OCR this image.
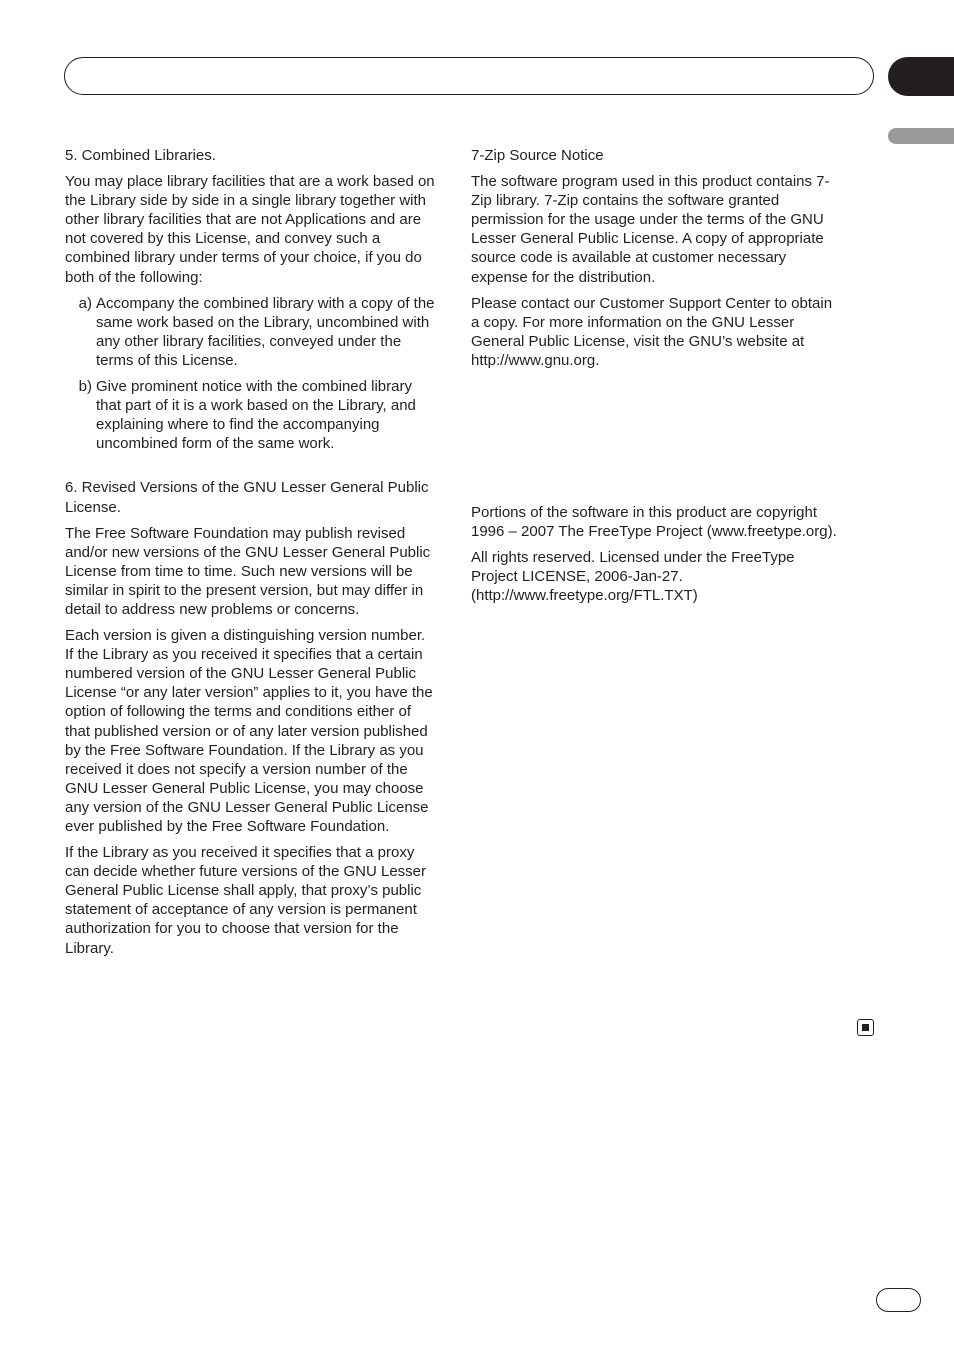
5. Combined Libraries.

You may place library facilities that are a work based on the Library side by side in a single library together with other library facilities that are not Applications and are not covered by this License, and convey such a combined library under terms of your choice, if you do both of the following:

a) Accompany the combined library with a copy of the same work based on the Library, uncombined with any other library facilities, conveyed under the terms of this License.
b) Give prominent notice with the combined library that part of it is a work based on the Library, and explaining where to find the accompanying uncombined form of the same work.
6. Revised Versions of the GNU Lesser General Public License.

The Free Software Foundation may publish revised and/or new versions of the GNU Lesser General Public License from time to time. Such new versions will be similar in spirit to the present version, but may differ in detail to address new problems or concerns.

Each version is given a distinguishing version number. If the Library as you received it specifies that a certain numbered version of the GNU Lesser General Public License “or any later version” applies to it, you have the option of following the terms and conditions either of that published version or of any later version published by the Free Software Foundation. If the Library as you received it does not specify a version number of the GNU Lesser General Public License, you may choose any version of the GNU Lesser General Public License ever published by the Free Software Foundation.

If the Library as you received it specifies that a proxy can decide whether future versions of the GNU Lesser General Public License shall apply, that proxy’s public statement of acceptance of any version is permanent authorization for you to choose that version for the Library.

7-Zip Source Notice

The software program used in this product contains 7-Zip library. 7-Zip contains the software granted permission for the usage under the terms of the GNU Lesser General Public License. A copy of appropriate source code is available at customer necessary expense for the distribution.

Please contact our Customer Support Center to obtain a copy. For more information on the GNU Lesser General Public License, visit the GNU’s website at http://www.gnu.org.

Portions of the software in this product are copyright 1996 – 2007 The FreeType Project (www.freetype.org).

All rights reserved. Licensed under the FreeType Project LICENSE, 2006-Jan-27. (http://www.freetype.org/FTL.TXT)
